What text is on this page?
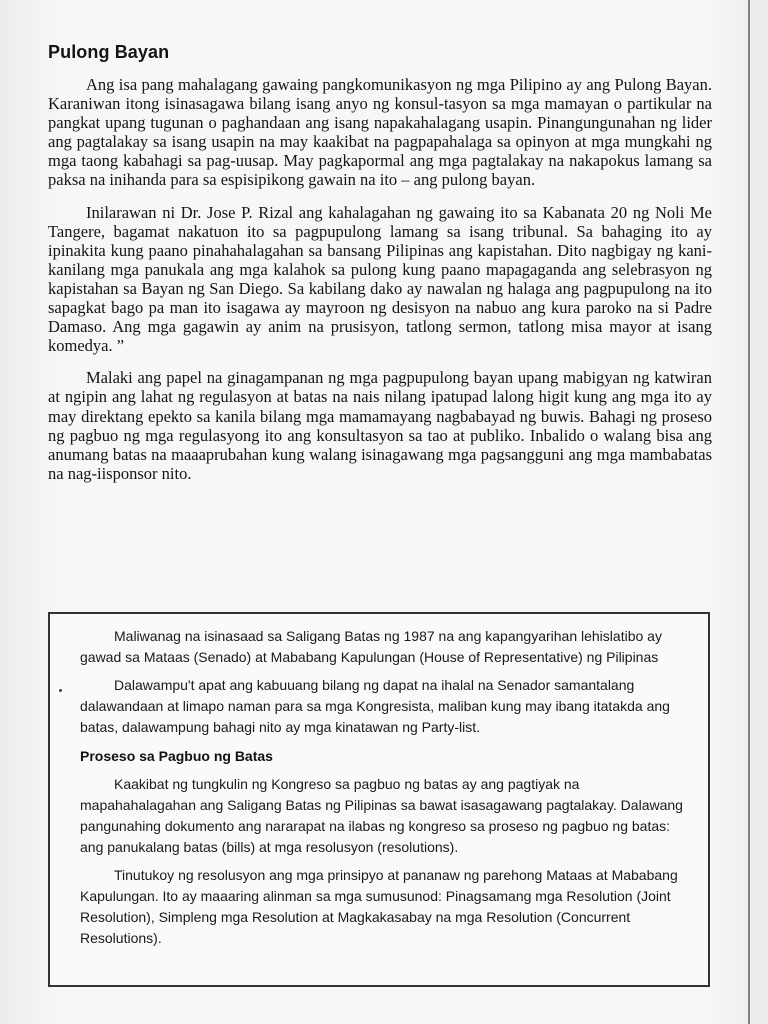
Pulong Bayan

Ang isa pang mahalagang gawaing pangkomunikasyon ng mga Pilipino ay ang Pulong Bayan. Karaniwan itong isinasagawa bilang isang anyo ng konsul-tasyon sa mga mamayan o partikular na pangkat upang tugunan o paghandaan ang isang napakahalagang usapin. Pinangungunahan ng lider ang pagtalakay sa isang usapin na may kaakibat na pagpapahalaga sa opinyon at mga mungkahi ng mga taong kabahagi sa pag-uusap. May pagkapormal ang mga pagtalakay na nakapokus lamang sa paksa na inihanda para sa espisipikong gawain na ito – ang pulong bayan.

Inilarawan ni Dr. Jose P. Rizal ang kahalagahan ng gawaing ito sa Kabanata 20 ng Noli Me Tangere, bagamat nakatuon ito sa pagpupulong lamang sa isang tribunal. Sa bahaging ito ay ipinakita kung paano pinahahalagahan sa bansang Pilipinas ang kapistahan. Dito nagbigay ng kani-kanilang mga panukala ang mga kalahok sa pulong kung paano mapagaganda ang selebrasyon ng kapistahan sa Bayan ng San Diego. Sa kabilang dako ay nawalan ng halaga ang pagpupulong na ito sapagkat bago pa man ito isagawa ay mayroon ng desisyon na nabuo ang kura paroko na si Padre Damaso. Ang mga gagawin ay anim na prusisyon, tatlong sermon, tatlong misa mayor at isang komedya. ”

Malaki ang papel na ginagampanan ng mga pagpupulong bayan upang mabigyan ng katwiran at ngipin ang lahat ng regulasyon at batas na nais nilang ipatupad lalong higit kung ang mga ito ay may direktang epekto sa kanila bilang mga mamamayang nagbabayad ng buwis. Bahagi ng proseso ng pagbuo ng mga regulasyong ito ang konsultasyon sa tao at publiko. Inbalido o walang bisa ang anumang batas na maaaprubahan kung walang isinagawang mga pagsangguni ang mga mambabatas na nag-iisponsor nito.

Maliwanag na isinasaad sa Saligang Batas ng 1987 na ang kapangyarihan lehislatibo ay gawad sa Mataas (Senado) at Mababang Kapulungan (House of Representative) ng Pilipinas

Dalawampu't apat ang kabuuang bilang ng dapat na ihalal na Senador samantalang dalawandaan at limapo naman para sa mga Kongresista, maliban kung may ibang itatakda ang batas, dalawampung bahagi nito ay mga kinatawan ng Party-list.

Proseso sa Pagbuo ng Batas

Kaakibat ng tungkulin ng Kongreso sa pagbuo ng batas ay ang pagtiyak na mapahahalagahan ang Saligang Batas ng Pilipinas sa bawat isasagawang pagtalakay. Dalawang pangunahing dokumento ang nararapat na ilabas ng kongreso sa proseso ng pagbuo ng batas: ang panukalang batas (bills) at mga resolusyon (resolutions).

Tinutukoy ng resolusyon ang mga prinsipyo at pananaw ng parehong Mataas at Mababang Kapulungan. Ito ay maaaring alinman sa mga sumusunod: Pinagsamang mga Resolution (Joint Resolution), Simpleng mga Resolution at Magkakasabay na mga Resolution (Concurrent Resolutions).
